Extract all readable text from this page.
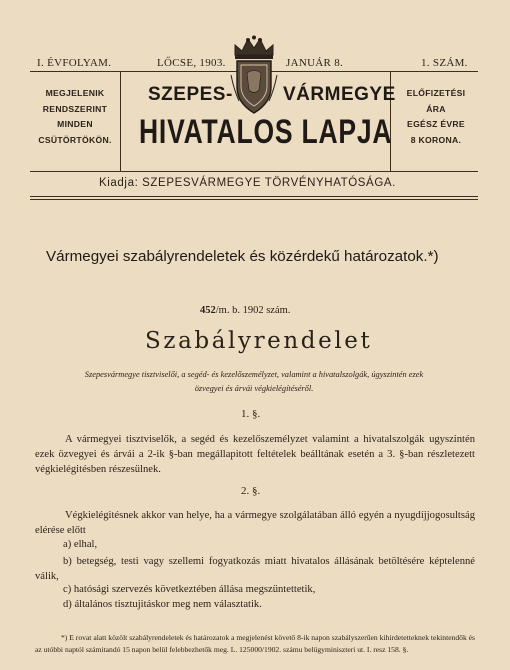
I. ÉVFOLYAM.	LŐCSE, 1903.	JANUÁR 8.	1. SZÁM.
MEGJELENIK
RENDSZERINT
MINDEN
CSÜTÖRTÖKÖN.
ELŐFIZETÉSI
ÁRA
EGÉSZ ÉVRE
8 KORONA.
SZEPES-	VÁRMEGYE
HIVATALOS LAPJA
Kiadja: SZEPESVÁRMEGYE TÖRVÉNYHATÓSÁGA.
Vármegyei szabályrendeletek és közérdekű határozatok.*)
452/m. b. 1902 szám.
Szabályrendelet
Szepesvármegye tisztviselői, a segéd- és kezelőszemélyzet, valamint a hivatalszolgák, úgyszintén ezek
özvegyei és árvái végkielégítéséről.
1. §.
A vármegyei tisztviselők, a segéd és kezelőszemélyzet valamint a hivatalszolgák ugyszintén ezek özvegyei és árvái a 2-ik §-ban megállapitott feltételek beálltának esetén a 3. §-ban részletezett végkielégitésben részesülnek.
2. §.
Végkielégitésnek akkor van helye, ha a vármegye szolgálatában álló egyén a nyugdíjjogosultság elérése előtt
a) elhal,
b) betegség, testi vagy szellemi fogyatkozás miatt hivatalos állásának betöltésére képtelenné válik,
c) hatósági szervezés következtében állása megszüntettetik,
d) általános tisztujitáskor meg nem választatik.
*) E rovat alatt közölt szabályrendeletek és határozatok a megjelenést követő 8-ik napon szabályszerűen kihirdetetteknek tekintendők és az utóbbi naptól számitandó 15 napon belül felebbezhetők meg. L. 125000/1902. számu belügyminiszteri ut. I. resz 158. §.
